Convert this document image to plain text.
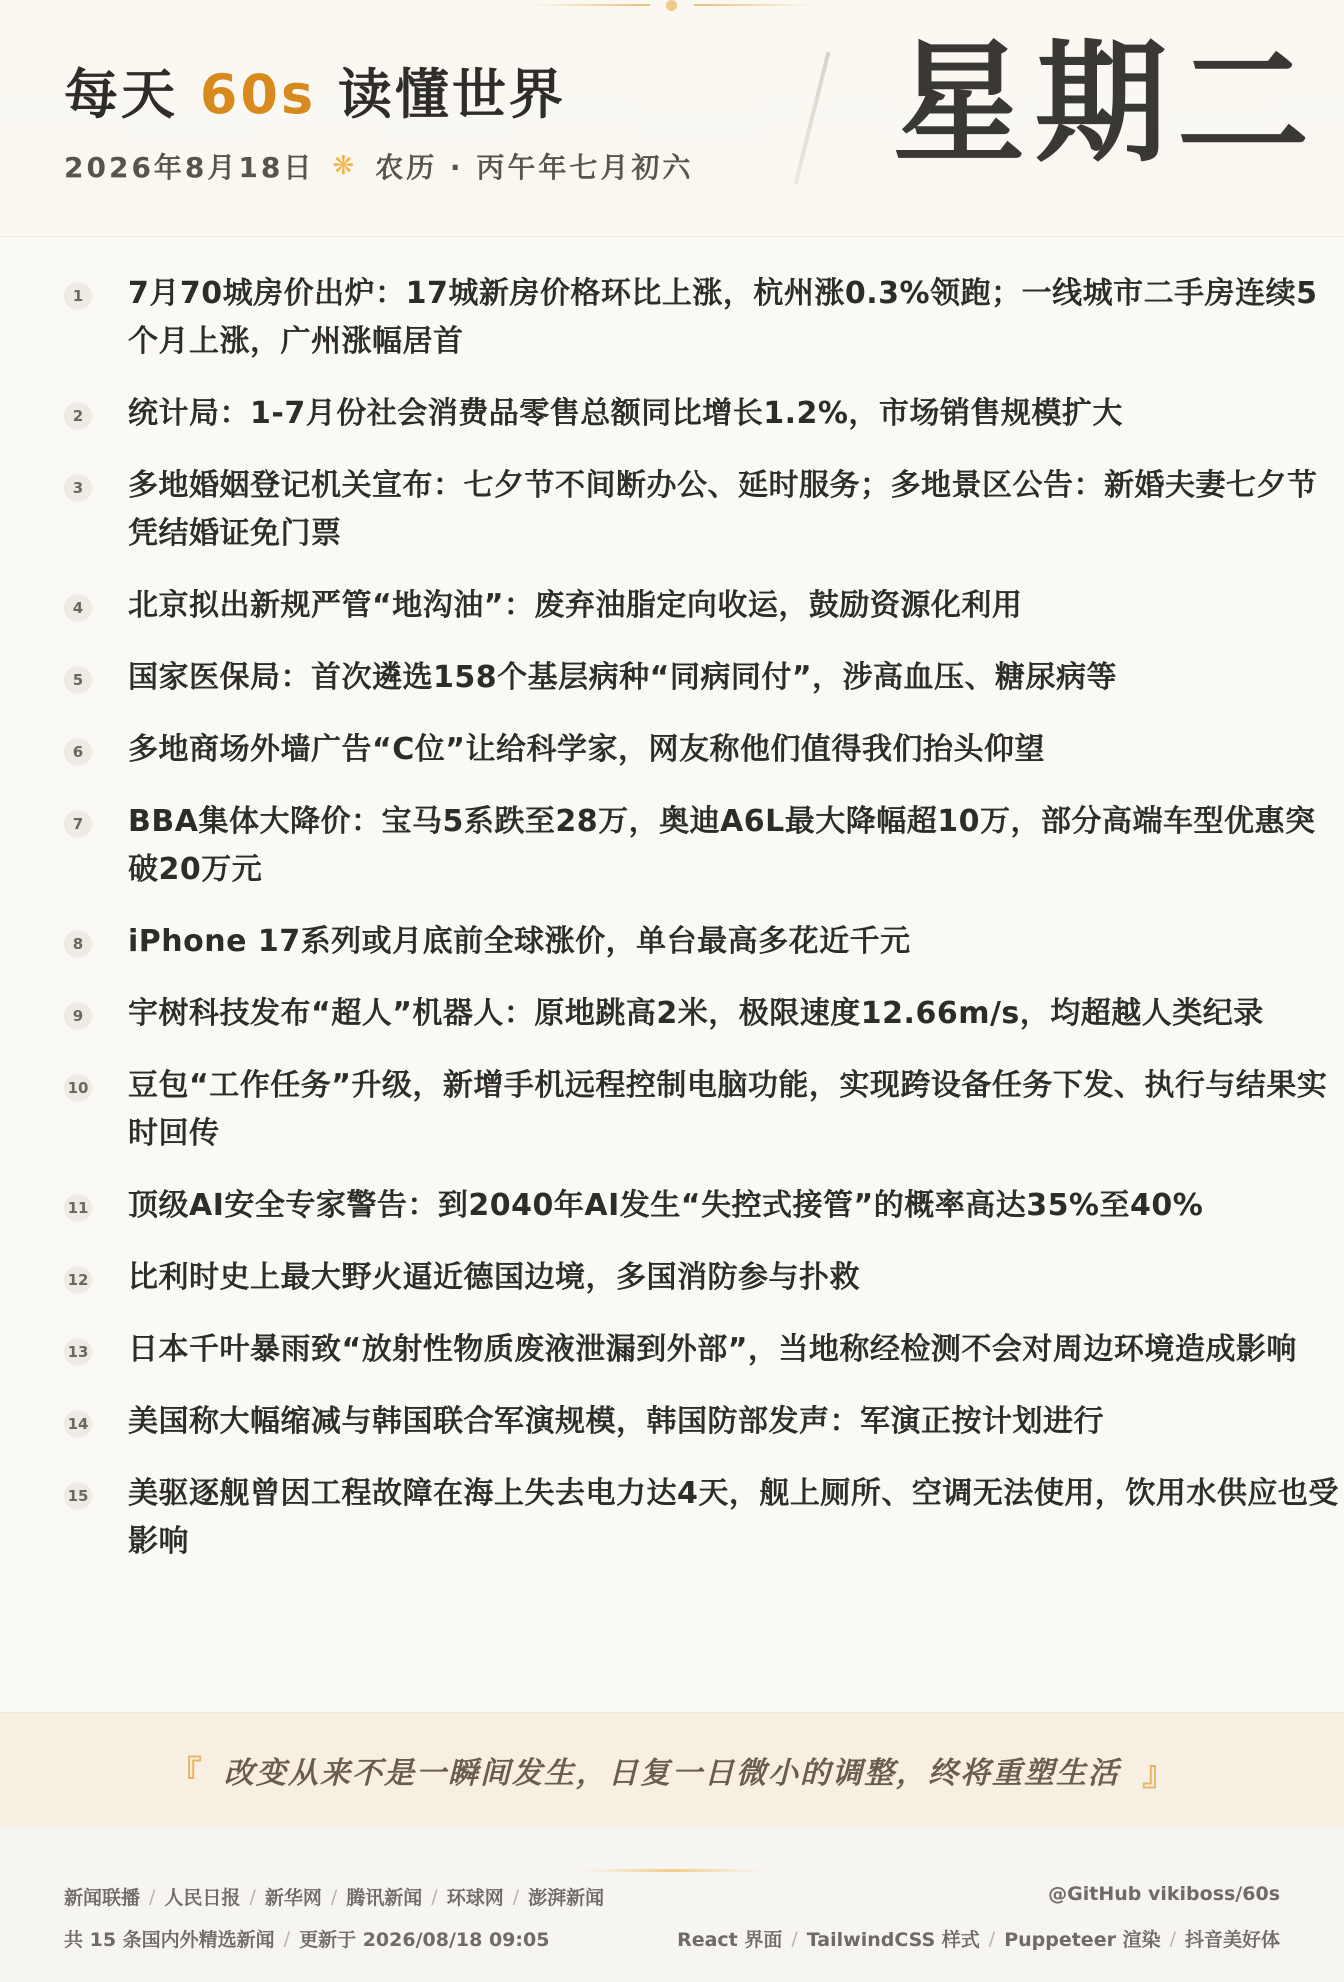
每天 60s 读懂世界
2026年8月18日 ❋ 农历 · 丙午年七月初六 星期二
1 7月70城房价出炉：17城新房价格环比上涨，杭州涨0.3%领跑；一线城市二手房连续5个月上涨，广州涨幅居首
2 统计局：1-7月份社会消费品零售总额同比增长1.2%，市场销售规模扩大
3 多地婚姻登记机关宣布：七夕节不间断办公、延时服务；多地景区公告：新婚夫妻七夕节凭结婚证免门票
4 北京拟出新规严管“地沟油”：废弃油脂定向收运，鼓励资源化利用
5 国家医保局：首次遴选158个基层病种“同病同付”，涉高血压、糖尿病等
6 多地商场外墙广告“C位”让给科学家，网友称他们值得我们抬头仰望
7 BBA集体大降价：宝马5系跌至28万，奥迪A6L最大降幅超10万，部分高端车型优惠突破20万元
8 iPhone 17系列或月底前全球涨价，单台最高多花近千元
9 宇树科技发布“超人”机器人：原地跳高2米，极限速度12.66m/s，均超越人类纪录
10 豆包“工作任务”升级，新增手机远程控制电脑功能，实现跨设备任务下发、执行与结果实时回传
11 顶级AI安全专家警告：到2040年AI发生“失控式接管”的概率高达35%至40%
12 比利时史上最大野火逼近德国边境，多国消防参与扑救
13 日本千叶暴雨致“放射性物质废液泄漏到外部”，当地称经检测不会对周边环境造成影响
14 美国称大幅缩减与韩国联合军演规模，韩国防部发声：军演正按计划进行
15 美驱逐舰曾因工程故障在海上失去电力达4天，舰上厕所、空调无法使用，饮用水供应也受影响
『 改变从来不是一瞬间发生，日复一日微小的调整，终将重塑生活 』
新闻联播 / 人民日报 / 新华网 / 腾讯新闻 / 环球网 / 澎湃新闻
共 15 条国内外精选新闻 / 更新于 2026/08/18 09:05
@GitHub vikiboss/60s
React 界面 / TailwindCSS 样式 / Puppeteer 渲染 / 抖音美好体
